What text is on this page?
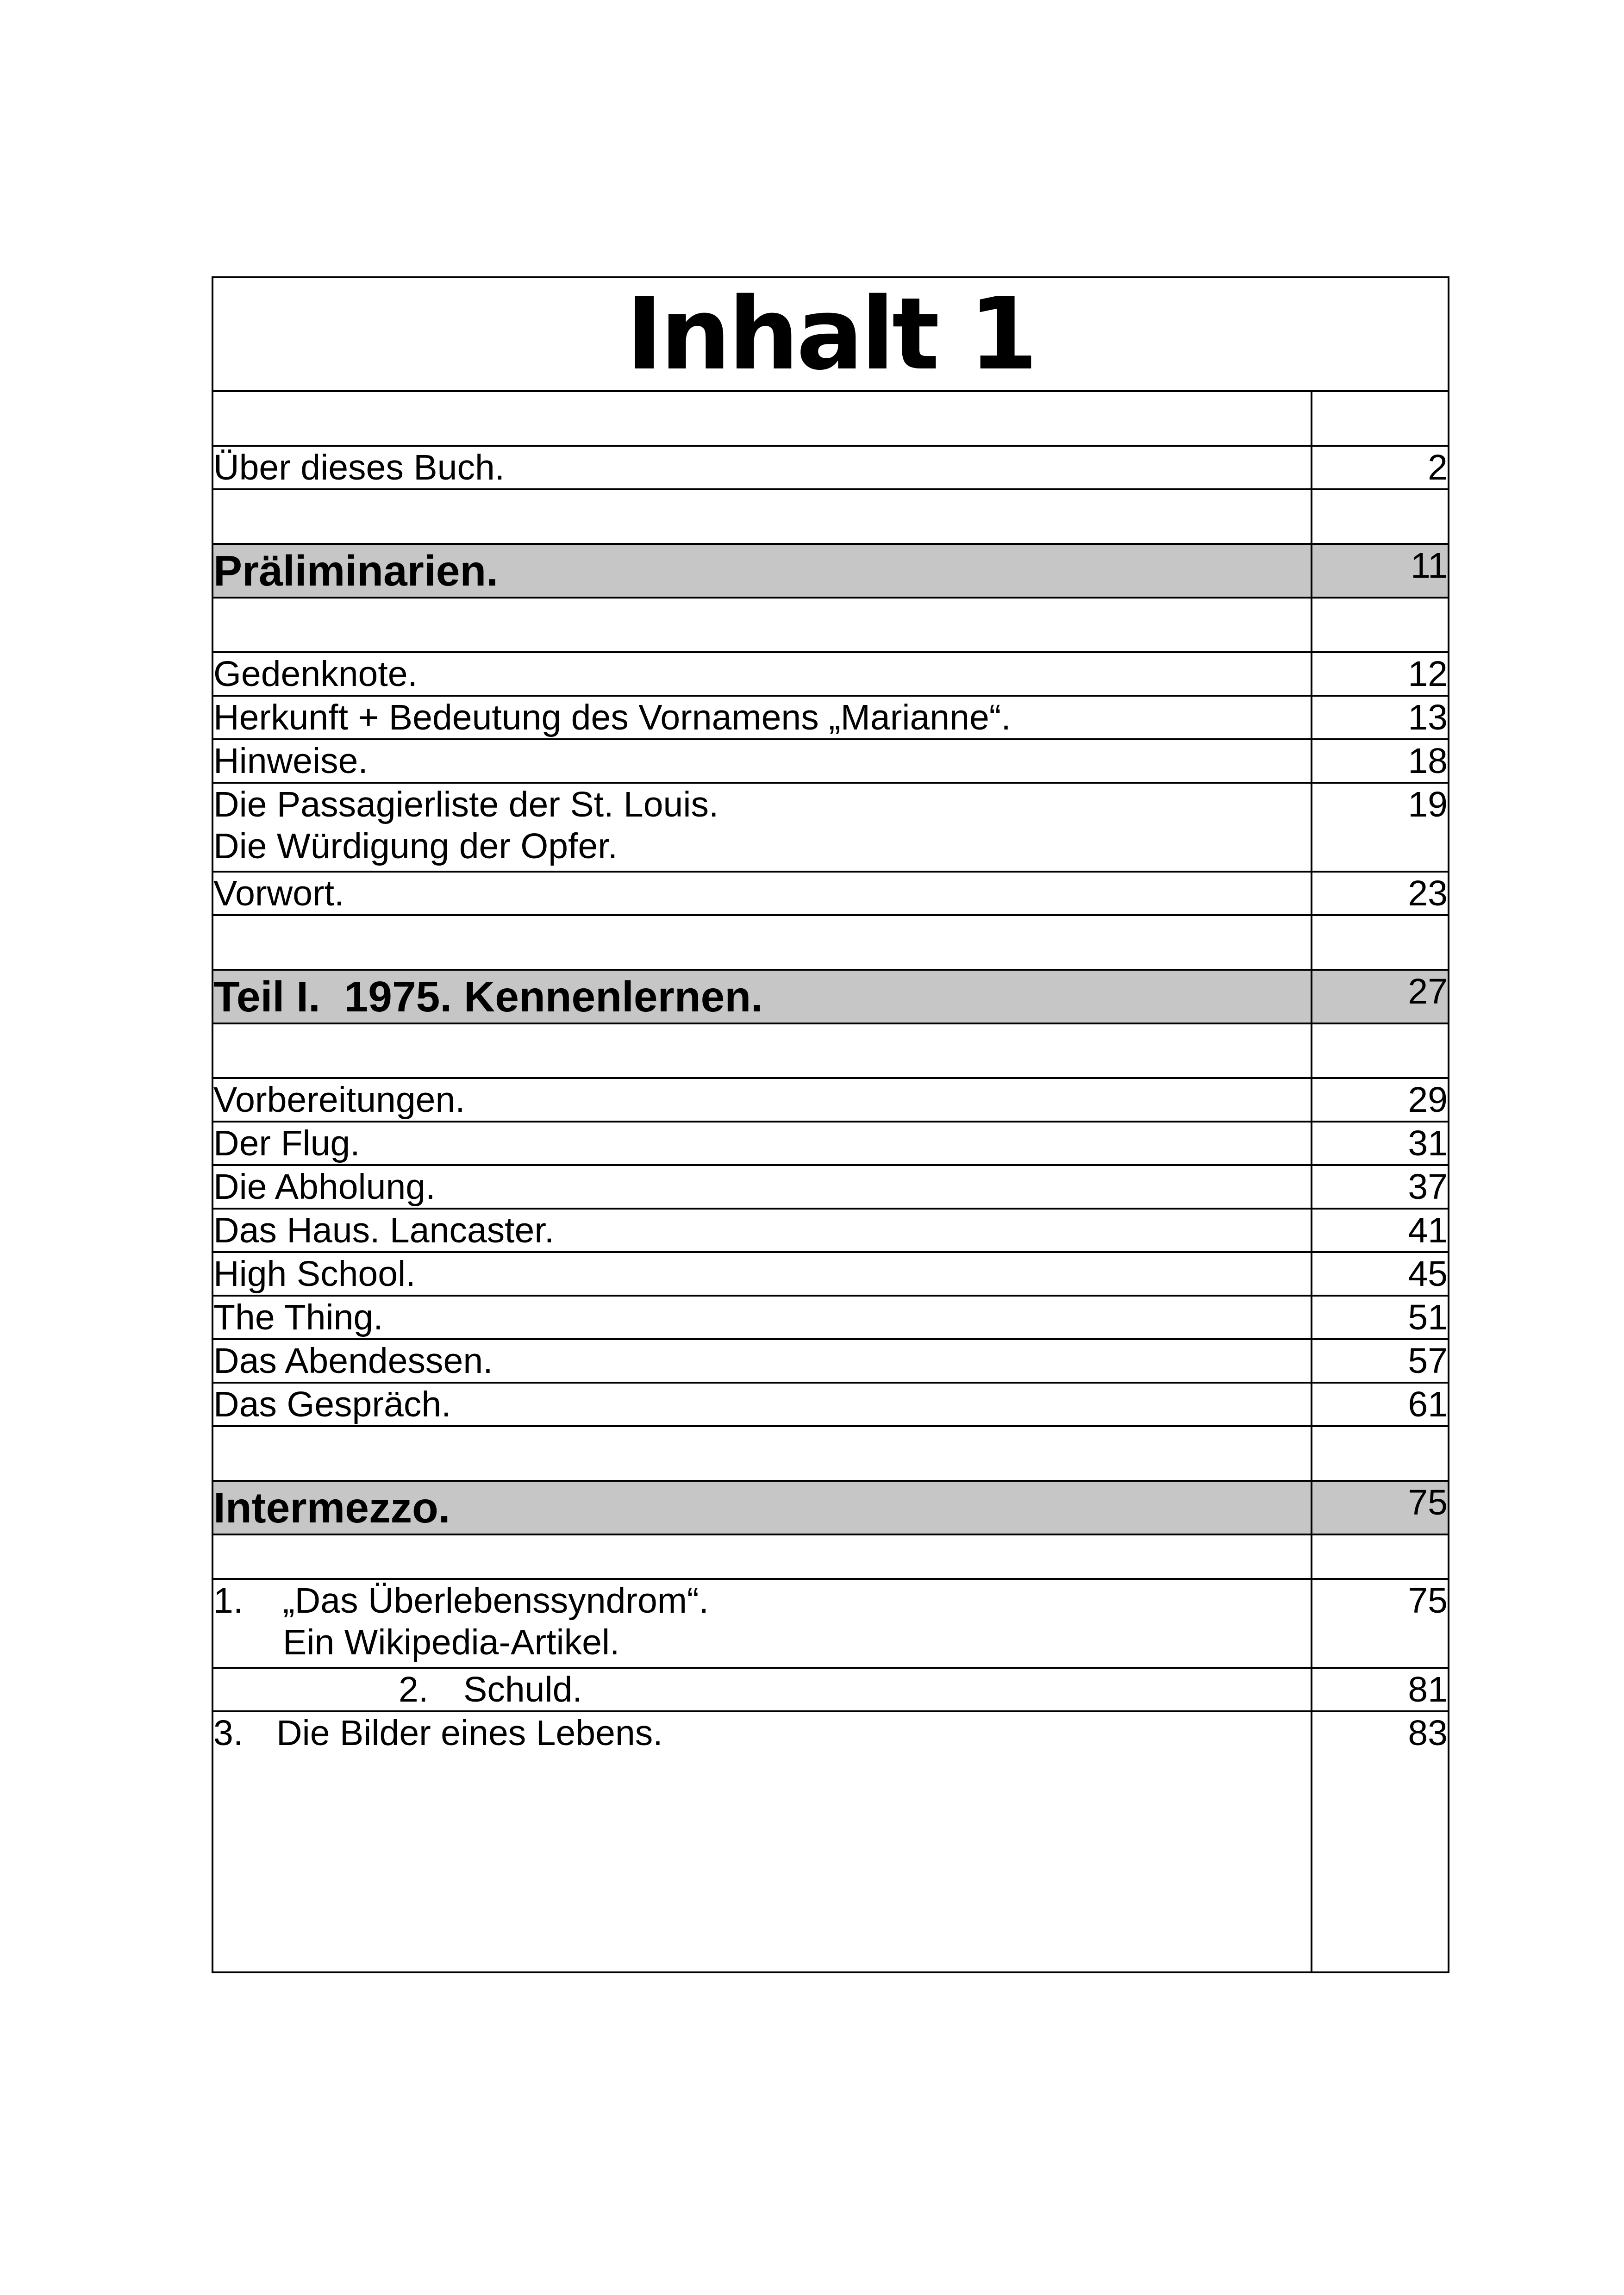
Inhalt 1	

Über dieses Buch.	2

Präliminarien.	11

Gedenknote.	12
Herkunft + Bedeutung des Vornamens „Marianne“.	13
Hinweise.	18
Die Passagierliste der St. Louis.
Die Würdigung der Opfer.	19
Vorwort.	23

Teil I.  1975. Kennenlernen.	27

Vorbereitungen.	29
Der Flug.	31
Die Abholung.	37
Das Haus. Lancaster.	41
High School.	45
The Thing.	51
Das Abendessen.	57
Das Gespräch.	61

Intermezzo.	75

1. „Das Überlebenssyndrom“.
Ein Wikipedia-Artikel.	75
2. Schuld.	81
3. Die Bilder eines Lebens.	83
